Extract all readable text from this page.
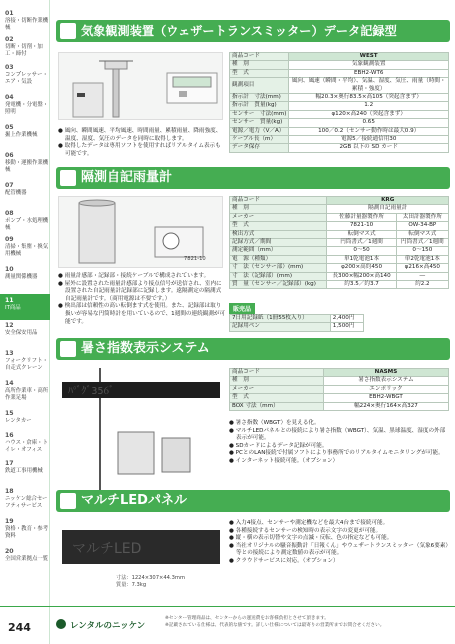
01
溶接・切断作業機械
02
切断・切削・加工・締付
03
コンプレッサー・エア・気設
04
発電機・分電盤・照明
05
掘上作業機械
06
移動・運搬作業機械
07
配管機器
08
ポンプ・水処理機械
09
清掃・集塵・換気用機械
10
測量関係機器
11
IT商品
12
安全保安用品
13
フォークリフト・自走式クレーン
14
高所作業車・高所作業足場
15
レンタカー
16
ハウス・倉庫・トイレ・オフィス
17
鉄道工事用機械
18
ニッケン総合セーフティサービス
19
資格・教育・参考資料
20
全国営業拠点一覧
気象観測装置（ウェザートランスミッター）データ記録型
● 風向、瞬間風速、平均風速、時間雨量、累積雨量、降雨強度、温度、湿度、気圧のデータを同時に取得します。
● 取得したデータは専用ソフトを使用すればリアルタイム表示も可能です。
商品コード	WEST
種　別	気象観測装置
型　式	EBH2-WT6
観測項目	風向、風速（瞬間・平均）、気温、湿度、気圧、雨量（時間・累積・強度）
指示計　寸法(mm)	幅20.3×奥行83.5×高105（突起含まず）
指示計　質量(kg)	1.2
センサー　寸法(mm)	φ120×高240（突起含まず）
センサー　質量(kg)	0.65
電源／電力（V／A）	100／0.2（センサー動作時は最大0.9）
ケーブル長（m）	電源5／接続通信用30
データ保存	2GB 以下の SD カード
隔測自記雨量計
7821-10
● 雨量計感部・記録部・接続ケーブルで構成されています。
● 屋外に設置された雨量計感部より接点信号が送信され、室内に設置された自記雨量計記録部に記録します。遠隔測定の隔測式自記雨量計です。（商用電源は不要です。）
● 検出部は信頼性の高い転倒ます式を使用。また、記録部は取り扱いが容易な円筒時計を用いているので、1週間の連続観測が可能です。
商品コード	KRG	
種　別	隔測自記雨量計	
メーカー	佐藤計量器製作所	太田計器製作所
型　式	7821-10	OW-34-BP
検出方式	転倒マス式	転倒マス式
記録方式／期間	円筒書式／1週間	円筒書式／1週間
測定範囲（mm）	0〜50	0〜150
電　源（種類）	単1乾電池1本	単2乾電池1本
寸　法（センサー部）(mm)	φ200×高約450	φ216×高450
寸　法（記録部）(mm)	長300×幅200×高140	―
質　量（センサー／記録部）(kg)	約3.5／約3.7	約2.2
販売品
7日用記録紙（1冊55枚入り）	2,400円
記録用ペン	1,500円
暑さ指数表示システム
ﾊ°ﾞｸﾞ356ﾞ
商品コード	NASMS
種　別	暑さ指数表示システム
メーカー	エンポリック
型　式	EBH2-WBGT
BOX 寸法（mm）	幅224×奥行164×高327
● 暑さ指数（WBGT）を見える化。
● マルチLEDパネルとの接続により暑さ指数（WBGT）、気温、黒球温度、湿度の外部表示が可能。
● SDカードによるデータ記録が可能。
● PCとのLAN接続で付属ソフトにより事務所でのリアルタイムモニタリングが可能。
● インターネット接続可能。（オプション）
マルチLEDパネル
マルチLED
寸法：1224×307×44.3mm
質量：7.3kg
● 入力4接点、センサーや測定機などを最大4台まで接続可能。
● 各種接続するセンサーの検知時の表示文字の変更が可能。
● 縦・横の表示切替や文字の点滅・反転、色の指定なども可能。
● 当社オリジナルの騒音振動計「日報くん」やウェザートランスミッター（気象6要素）等との接続により測定数値の表示が可能。
● クラウドサービスに対応。（オプション）
244	レンタルのニッケン
※センター管理商品は、センターからの運送費をお客様負担とさせて頂きます。
※記載されている仕様は、代表的な値です。詳しい仕様については最寄りの営業所までお問合せください。
